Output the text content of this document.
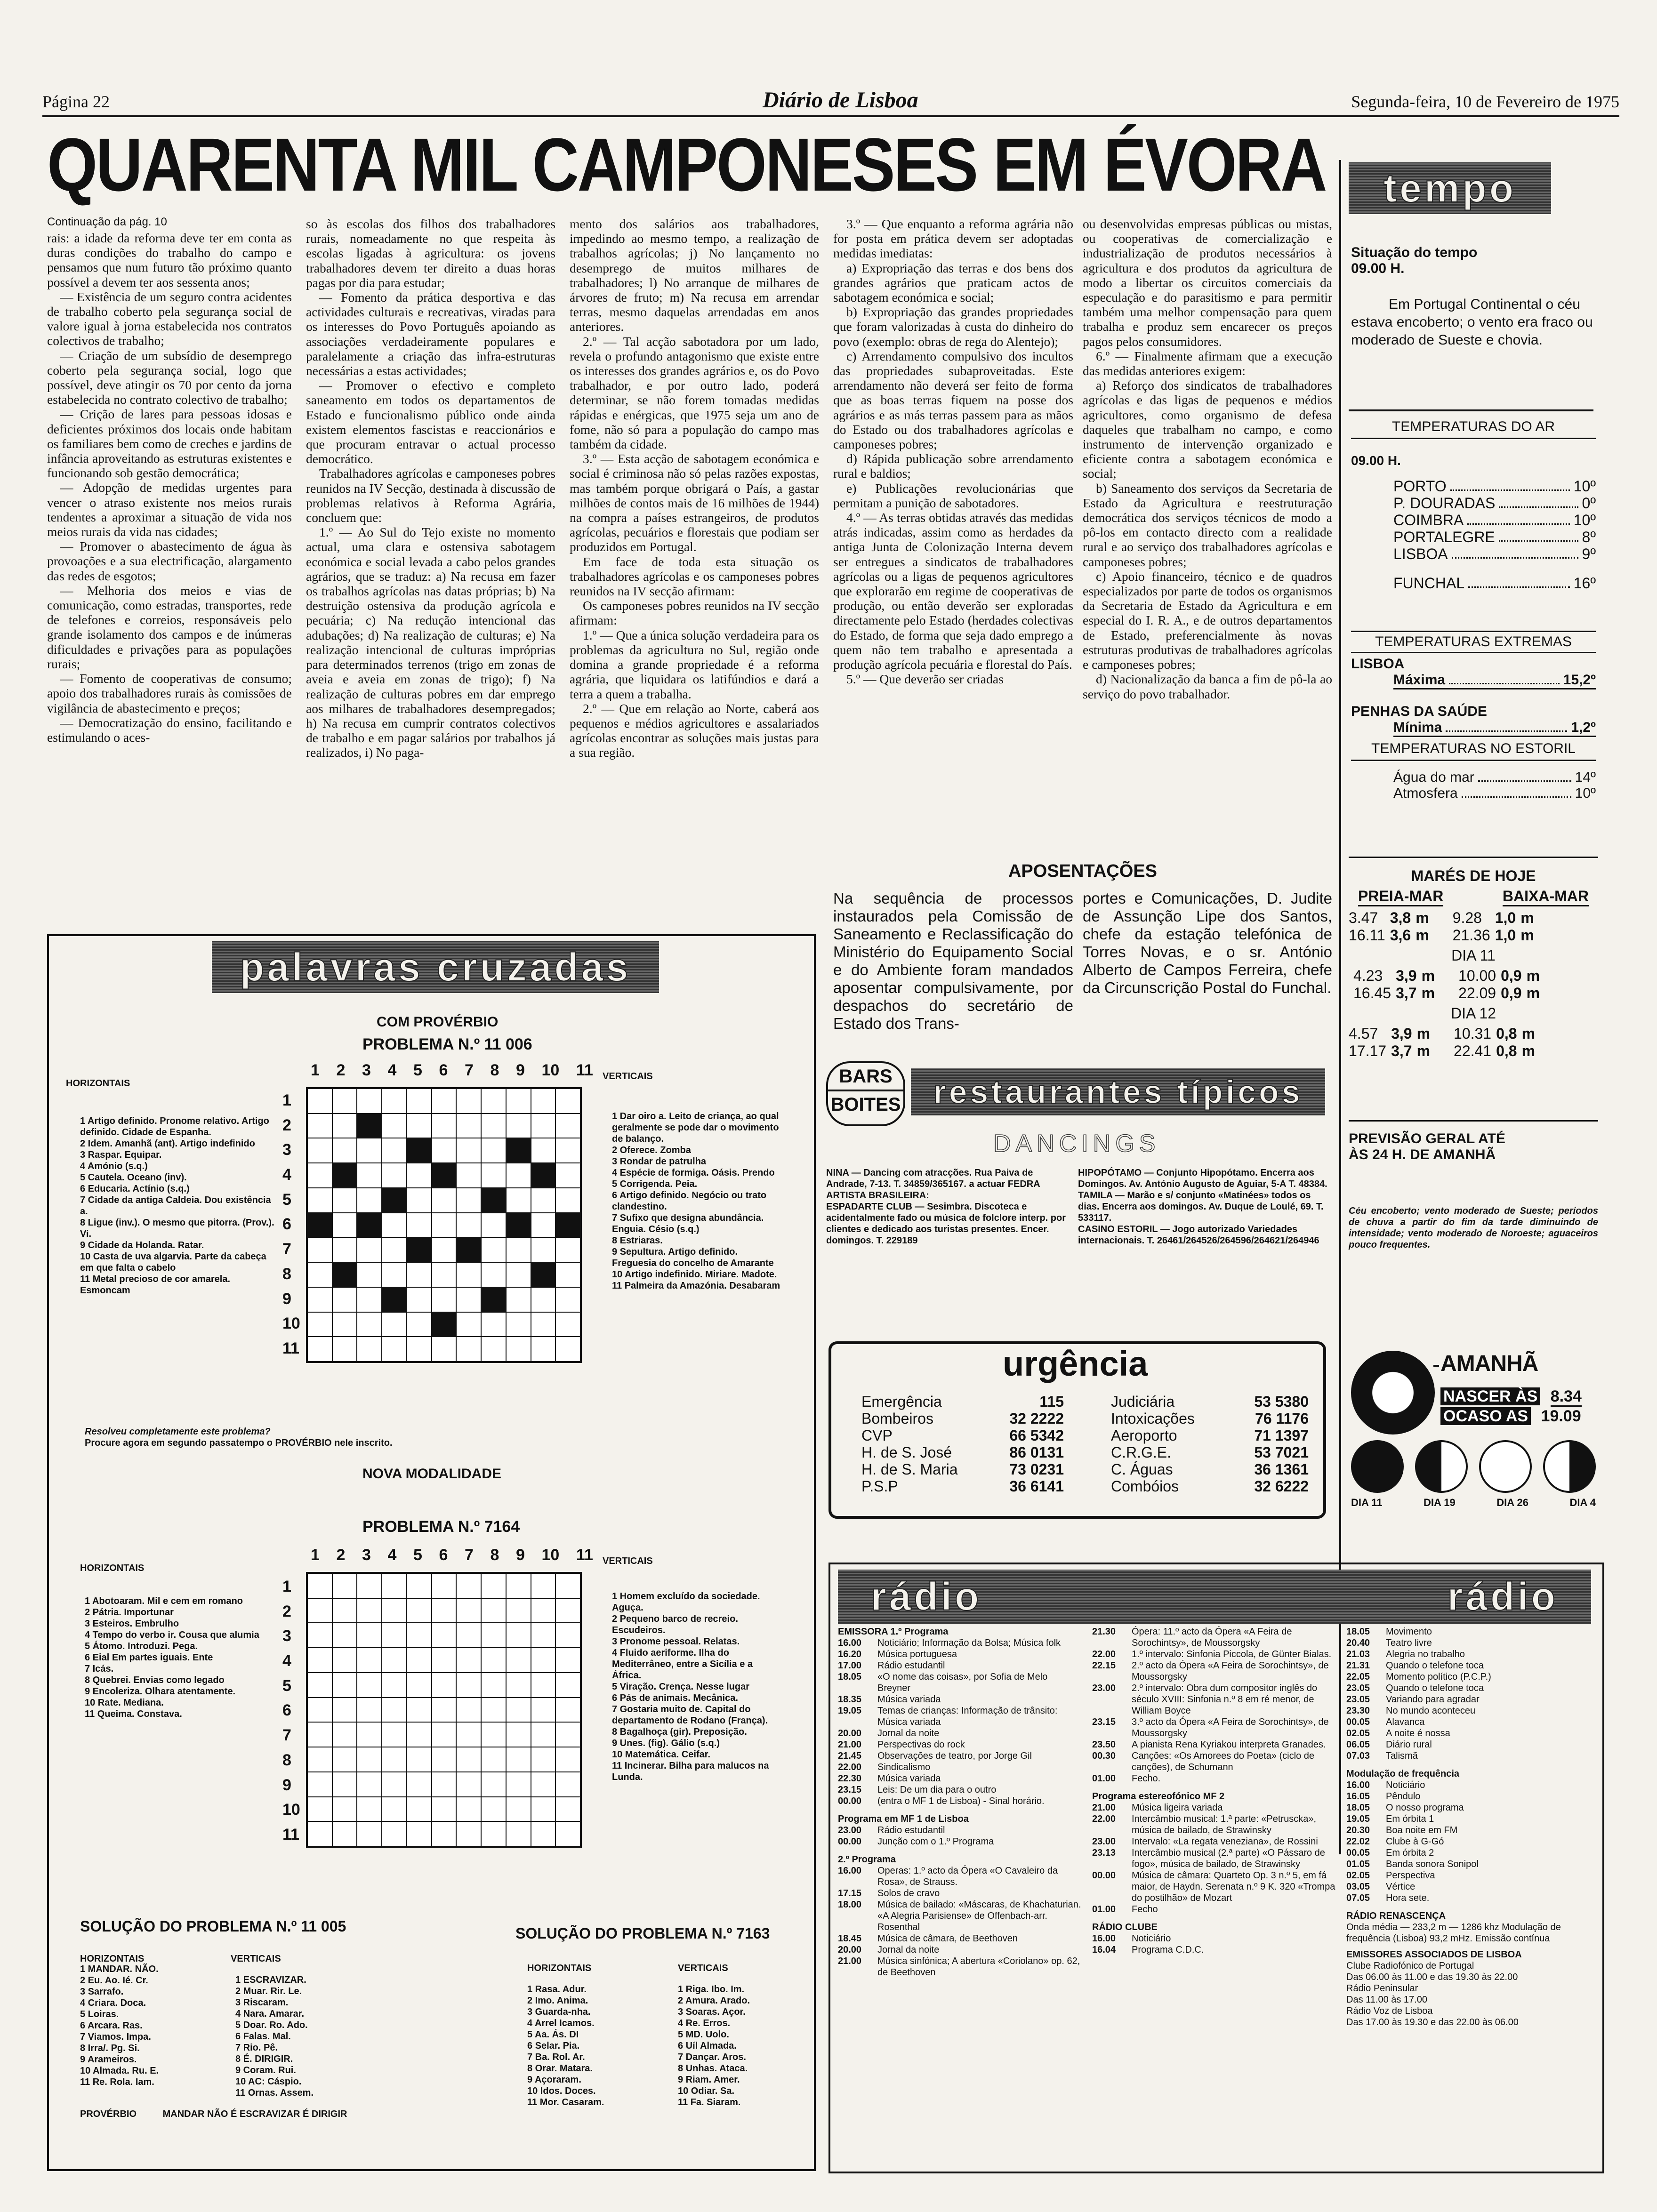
Página 22	Diário de Lisboa	Segunda-feira, 10 de Fevereiro de 1975
QUARENTA MIL CAMPONESES EM ÉVORA
Continuação da pág. 10

rais: a idade da reforma deve ter em conta as duras condições do trabalho do campo e pensamos que num futuro tão próximo quanto possível a devem ter aos sessenta anos;

— Existência de um seguro contra acidentes de trabalho coberto pela segurança social de valore igual à jorna estabelecida nos contratos colectivos de trabalho;

— Criação de um subsídio de desemprego coberto pela segurança social, logo que possível, deve atingir os 70 por cento da jorna estabelecida no contrato colectivo de trabalho;

— Crição de lares para pessoas idosas e deficientes próximos dos locais onde habitam os familiares bem como de creches e jardins de infância aproveitando as estruturas existentes e funcionando sob gestão democrática;

— Adopção de medidas urgentes para vencer o atraso existente nos meios rurais tendentes a aproximar a situação de vida nos meios rurais da vida nas cidades;

— Promover o abastecimento de água às provoações e a sua electrificação, alargamento das redes de esgotos;

— Melhoria dos meios e vias de comunicação, como estradas, transportes, rede de telefones e correios, responsáveis pelo grande isolamento dos campos e de inúmeras dificuldades e privações para as populações rurais;

— Fomento de cooperativas de consumo; apoio dos trabalhadores rurais às comissões de vigilância de abastecimento e preços;

— Democratização do ensino, facilitando e estimulando o aces-

so às escolas dos filhos dos trabalhadores rurais, nomeadamente no que respeita às escolas ligadas à agricultura: os jovens trabalhadores devem ter direito a duas horas pagas por dia para estudar;

— Fomento da prática desportiva e das actividades culturais e recreativas, viradas para os interesses do Povo Português apoiando as associações verdadeiramente populares e paralelamente a criação das infra-estruturas necessárias a estas actividades;

— Promover o efectivo e completo saneamento em todos os departamentos de Estado e funcionalismo público onde ainda existem elementos fascistas e reaccionários e que procuram entravar o actual processo democrático.

Trabalhadores agrícolas e camponeses pobres reunidos na IV Secção, destinada à discussão de problemas relativos à Reforma Agrária, concluem que:

1.º — Ao Sul do Tejo existe no momento actual, uma clara e ostensiva sabotagem económica e social levada a cabo pelos grandes agrários, que se traduz: a) Na recusa em fazer os trabalhos agrícolas nas datas próprias; b) Na destruição ostensiva da produção agrícola e pecuária; c) Na redução intencional das adubações; d) Na realização de culturas; e) Na realização intencional de culturas impróprias para determinados terrenos (trigo em zonas de aveia e aveia em zonas de trigo); f) Na realização de culturas pobres em dar emprego aos milhares de trabalhadores desempregados; h) Na recusa em cumprir contratos colectivos de trabalho e em pagar salários por trabalhos já realizados, i) No paga-

mento dos salários aos trabalhadores, impedindo ao mesmo tempo, a realização de trabalhos agrícolas; j) No lançamento no desemprego de muitos milhares de trabalhadores; l) No arranque de milhares de árvores de fruto; m) Na recusa em arrendar terras, mesmo daquelas arrendadas em anos anteriores.

2.º — Tal acção sabotadora por um lado, revela o profundo antagonismo que existe entre os interesses dos grandes agrários e, os do Povo trabalhador, e por outro lado, poderá determinar, se não forem tomadas medidas rápidas e enérgicas, que 1975 seja um ano de fome, não só para a população do campo mas também da cidade.

3.º — Esta acção de sabotagem económica e social é criminosa não só pelas razões expostas, mas também porque obrigará o País, a gastar milhões de contos mais de 16 milhões de 1944) na compra a países estrangeiros, de produtos agrícolas, pecuários e florestais que podiam ser produzidos em Portugal.

Em face de toda esta situação os trabalhadores agrícolas e os camponeses pobres reunidos na IV secção afirmam:

Os camponeses pobres reunidos na IV secção afirmam:

1.º — Que a única solução verdadeira para os problemas da agricultura no Sul, região onde domina a grande propriedade é a reforma agrária, que liquidara os latifúndios e dará a terra a quem a trabalha.

2.º — Que em relação ao Norte, caberá aos pequenos e médios agricultores e assalariados agrícolas encontrar as soluções mais justas para a sua região.

3.º — Que enquanto a reforma agrária não for posta em prática devem ser adoptadas medidas imediatas:

a) Expropriação das terras e dos bens dos grandes agrários que praticam actos de sabotagem económica e social;

b) Expropriação das grandes propriedades que foram valorizadas à custa do dinheiro do povo (exemplo: obras de rega do Alentejo);

c) Arrendamento compulsivo dos incultos das propriedades subaproveitadas. Este arrendamento não deverá ser feito de forma que as boas terras fiquem na posse dos agrários e as más terras passem para as mãos do Estado ou dos trabalhadores agrícolas e camponeses pobres;

d) Rápida publicação sobre arrendamento rural e baldios;

e) Publicações revolucionárias que permitam a punição de sabotadores.

4.º — As terras obtidas através das medidas atrás indicadas, assim como as herdades da antiga Junta de Colonização Interna devem ser entregues a sindicatos de trabalhadores agrícolas ou a ligas de pequenos agricultores que explorarão em regime de cooperativas de produção, ou então deverão ser exploradas directamente pelo Estado (herdades colectivas do Estado, de forma que seja dado emprego a quem não tem trabalho e apresentada a produção agrícola pecuária e florestal do País.

5.º — Que deverão ser criadas

ou desenvolvidas empresas públicas ou mistas, ou cooperativas de comercialização e industrialização de produtos necessários à agricultura e dos produtos da agricultura de modo a libertar os circuitos comerciais da especulação e do parasitismo e para permitir também uma melhor compensação para quem trabalha e produz sem encarecer os preços pagos pelos consumidores.

6.º — Finalmente afirmam que a execução das medidas anteriores exigem:

a) Reforço dos sindicatos de trabalhadores agrícolas e das ligas de pequenos e médios agricultores, como organismo de defesa daqueles que trabalham no campo, e como instrumento de intervenção organizado e eficiente contra a sabotagem económica e social;

b) Saneamento dos serviços da Secretaria de Estado da Agricultura e reestruturação democrática dos serviços técnicos de modo a pô-los em contacto directo com a realidade rural e ao serviço dos trabalhadores agrícolas e camponeses pobres;

c) Apoio financeiro, técnico e de quadros especializados por parte de todos os organismos da Secretaria de Estado da Agricultura e em especial do I. R. A., e de outros departamentos de Estado, preferencialmente às novas estruturas produtivas de trabalhadores agrícolas e camponeses pobres;

d) Nacionalização da banca a fim de pô-la ao serviço do povo trabalhador.

APOSENTAÇÕES
Na sequência de processos instaurados pela Comissão de Saneamento e Reclassificação do Ministério do Equipamento Social e do Ambiente foram mandados aposentar compulsivamente, por despachos do secretário de Estado dos Trans-
portes e Comunicações, D. Judite de Assunção Lipe dos Santos, chefe da estação telefónica de Torres Novas, e o sr. António Alberto de Campos Ferreira, chefe da Circunscrição Postal do Funchal.
tempo
Situação do tempo
09.00 H.
Em Portugal Continental o céu estava encoberto; o vento era fraco ou moderado de Sueste e chovia.
TEMPERATURAS DO AR
09.00 H.
PORTO	10º
P. DOURADAS	0º
COIMBRA	10º
PORTALEGRE	8º
LISBOA	9º
FUNCHAL	16º
TEMPERATURAS EXTREMAS
LISBOA
Máxima	15,2º
PENHAS DA SAÚDE
Mínima	1,2º
TEMPERATURAS NO ESTORIL
Água do mar	14º
Atmosfera	10º
MARÉS DE HOJE
PREIA-MAR	BAIXA-MAR
3.47	3,8	m	9.28	1,0	m
16.11	3,6	m	21.36	1,0	m
DIA 11
4.23	3,9	m	10.00	0,9	m
16.45	3,7	m	22.09	0,9	m
DIA 12
4.57	3,9	m	10.31	0,8	m
17.17	3,7	m	22.41	0,8	m
PREVISÃO GERAL ATÉ ÀS 24 H. DE AMANHÃ
Céu encoberto; vento moderado de Sueste; períodos de chuva a partir do fim da tarde diminuindo de intensidade; vento moderado de Noroeste; aguaceiros pouco frequentes.
AMANHÃ
NASCER ÀS 8.34
OCASO AS 19.09
DIA 11	DIA 19	DIA 26	DIA 4
palavras cruzadas
COM PROVÉRBIO
PROBLEMA N.º 11 006
1 2 3 4 5 6 7 8 9 10 11
1
2
3
4
5
6
7
8
9
10
11
HORIZONTAIS
1 Artigo definido. Pronome relativo. Artigo definido. Cidade de Espanha.
2 Idem. Amanhã (ant). Artigo indefinido
3 Raspar. Equipar.
4 Amónio (s.q.)
5 Cautela. Oceano (inv).
6 Educaria. Actínio (s.q.)
7 Cidade da antiga Caldeia. Dou existência a.
8 Ligue (inv.). O mesmo que pitorra. (Prov.). Vi.
9 Cidade da Holanda. Ratar.
10 Casta de uva algarvia. Parte da cabeça em que falta o cabelo
11 Metal precioso de cor amarela. Esmoncam
VERTICAIS
1 Dar oiro a. Leito de criança, ao qual geralmente se pode dar o movimento de balanço.
2 Oferece. Zomba
3 Rondar de patrulha
4 Espécie de formiga. Oásis. Prendo
5 Corrigenda. Peia.
6 Artigo definido. Negócio ou trato clandestino.
7 Sufixo que designa abundância. Enguia. Césio (s.q.)
8 Estriaras.
9 Sepultura. Artigo definido. Freguesia do concelho de Amarante
10 Artigo indefinido. Miriare. Madote.
11 Palmeira da Amazónia. Desabaram
Resolveu completamente este problema?
Procure agora em segundo passatempo o PROVÉRBIO nele inscrito.
NOVA MODALIDADE
PROBLEMA N.º 7164
1 2 3 4 5 6 7 8 9 10 11
1
2
3
4
5
6
7
8
9
10
11
HORIZONTAIS
1 Abotoaram. Mil e cem em romano
2 Pátria. Importunar
3 Esteiros. Embrulho
4 Tempo do verbo ir. Cousa que alumia
5 Átomo. Introduzi. Pega.
6 Eial Em partes iguais. Ente
7 Icás.
8 Quebrei. Envias como legado
9 Encoleriza. Olhara atentamente.
10 Rate. Mediana.
11 Queima. Constava.
VERTICAIS
1 Homem excluído da sociedade. Aguça.
2 Pequeno barco de recreio. Escudeiros.
3 Pronome pessoal. Relatas.
4 Fluido aeriforme. Ilha do Mediterrâneo, entre a Sicília e a África.
5 Viração. Crença. Nesse lugar
6 Pás de animais. Mecânica.
7 Gostaria muito de. Capital do departamento de Rodano (França).
8 Bagalhoça (gir). Preposição.
9 Unes. (fig). Gálio (s.q.)
10 Matemática. Ceifar.
11 Incinerar. Bilha para malucos na Lunda.
SOLUÇÃO DO PROBLEMA N.º 11 005
HORIZONTAIS
1 MANDAR. NÃO.
2 Eu. Ao. Ié. Cr.
3 Sarrafo.
4 Criara. Doca.
5 Loiras.
6 Arcara. Ras.
7 Viamos. Impa.
8 Irra/. Pg. Si.
9 Arameiros.
10 Almada. Ru. E.
11 Re. Rola. Iam.
VERTICAIS
1 ESCRAVIZAR.
2 Muar. Rir. Le.
3 Riscaram.
4 Nara. Amarar.
5 Doar. Ro. Ado.
6 Falas. Mal.
7 Rio. Pê.
8 É. DIRIGIR.
9 Coram. Rui.
10 AC: Cáspio.
11 Ornas. Assem.
PROVÉRBIO	MANDAR NÃO É ESCRAVIZAR É DIRIGIR
SOLUÇÃO DO PROBLEMA N.º 7163
HORIZONTAIS
1 Rasa. Adur.
2 Imo. Anima.
3 Guarda-nha.
4 Arrel Icamos.
5 Aa. Ás. DI
6 Selar. Pia.
7 Ba. Rol. Ar.
8 Orar. Matara.
9 Açoraram.
10 Idos. Doces.
11 Mor. Casaram.
VERTICAIS
1 Riga. Ibo. Im.
2 Amura. Arado.
3 Soaras. Açor.
4 Re. Erros.
5 MD. Uolo.
6 Uíl Almada.
7 Dançar. Aros.
8 Unhas. Ataca.
9 Riam. Amer.
10 Odiar. Sa.
11 Fa. Siaram.
BARS
BOITES restaurantes típicos
DANCINGS
NINA — Dancing com atracções. Rua Paiva de Andrade, 7-13. T. 34859/365167. a actuar FEDRA
ARTISTA BRASILEIRA:
ESPADARTE CLUB — Sesimbra. Discoteca e acidentalmente fado ou música de folclore interp. por clientes e dedicado aos turistas presentes. Encer. domingos. T. 229189
HIPOPÓTAMO — Conjunto Hipopótamo. Encerra aos Domingos. Av. António Augusto de Aguiar, 5-A T. 48384.
TAMILA — Marão e s/ conjunto «Matinées» todos os dias. Encerra aos domingos. Av. Duque de Loulé, 69. T. 533117.
CASINO ESTORIL — Jogo autorizado Variedades internacionais. T. 26461/264526/264596/264621/264946
urgência
Emergência	115
Bombeiros	32 2222
CVP	66 5342
H. de S. José	86 0131
H. de S. Maria	73 0231
P.S.P	36 6141
Judiciária	53 5380
Intoxicações	76 1176
Aeroporto	71 1397
C.R.G.E.	53 7021
C. Águas	36 1361
Combóios	32 6222
rádio	rádio
EMISSORA 1.º Programa
16.00	Noticiário; Informação da Bolsa; Música folk
16.20	Música portuguesa
17.00	Rádio estudantil
18.05	«O nome das coisas», por Sofia de Melo Breyner
18.35	Música variada
19.05	Temas de crianças: Informação de trânsito: Música variada
20.00	Jornal da noite
21.00	Perspectivas do rock
21.45	Observações de teatro, por Jorge Gil
22.00	Sindicalismo
22.30	Música variada
23.15	Leis: De um dia para o outro
00.00	(entra o MF 1 de Lisboa) - Sinal horário.
Programa em MF 1 de Lisboa
23.00	Rádio estudantil
00.00	Junção com o 1.º Programa
2.º Programa
16.00	Operas: 1.º acto da Ópera «O Cavaleiro da Rosa», de Strauss.
17.15	Solos de cravo
18.00	Música de bailado: «Máscaras, de Khachaturian. «A Alegria Parisiense» de Offenbach-arr. Rosenthal
18.45	Música de câmara, de Beethoven
20.00	Jornal da noite
21.00	Música sinfónica; A abertura «Coriolano» op. 62, de Beethoven
21.30	Ópera: 11.º acto da Ópera «A Feira de Sorochintsy», de Moussorgsky
22.00	1.º intervalo: Sinfonia Piccola, de Günter Bialas.
22.15	2.º acto da Ópera «A Feira de Sorochintsy», de Moussorgsky
23.00	2.º intervalo: Obra dum compositor inglês do século XVIII: Sinfonia n.º 8 em ré menor, de William Boyce
23.15	3.º acto da Ópera «A Feira de Sorochintsy», de Moussorgsky
23.50	A pianista Rena Kyriakou interpreta Granades.
00.30	Canções: «Os Amorees do Poeta» (ciclo de canções), de Schumann
01.00	Fecho.
Programa estereofónico MF 2
21.00	Música ligeira variada
22.00	Intercâmbio musical: 1.ª parte: «Petruscka», música de bailado, de Strawinsky
23.00	Intervalo: «La regata veneziana», de Rossini
23.13	Intercâmbio musical (2.ª parte) «O Pássaro de fogo», música de bailado, de Strawinsky
00.00	Música de câmara: Quarteto Op. 3 n.º 5, em fá maior, de Haydn. Serenata n.º 9 K. 320 «Trompa do postilhão» de Mozart
01.00	Fecho
RÁDIO CLUBE
16.00	Noticiário
16.04	Programa C.D.C.
18.05	Movimento
20.40	Teatro livre
21.03	Alegria no trabalho
21.31	Quando o telefone toca
22.05	Momento político (P.C.P.)
23.05	Quando o telefone toca
23.05	Variando para agradar
23.30	No mundo aconteceu
00.05	Alavanca
02.05	A noite é nossa
06.05	Diário rural
07.03	Talismã
Modulação de frequência
16.00	Noticiário
16.05	Pêndulo
18.05	O nosso programa
19.05	Em órbita 1
20.30	Boa noite em FM
22.02	Clube à G-Gó
00.05	Em órbita 2
01.05	Banda sonora Sonipol
02.05	Perspectiva
03.05	Vértice
07.05	Hora sete.
RÁDIO RENASCENÇA
Onda média — 233,2 m — 1286 khz Modulação de frequência (Lisboa) 93,2 mHz. Emissão contínua
EMISSORES ASSOCIADOS DE LISBOA
Clube Radiofónico de Portugal
Das 06.00 às 11.00 e das 19.30 às 22.00
Rádio Peninsular
Das 11.00 às 17.00
Rádio Voz de Lisboa
Das 17.00 às 19.30 e das 22.00 às 06.00
